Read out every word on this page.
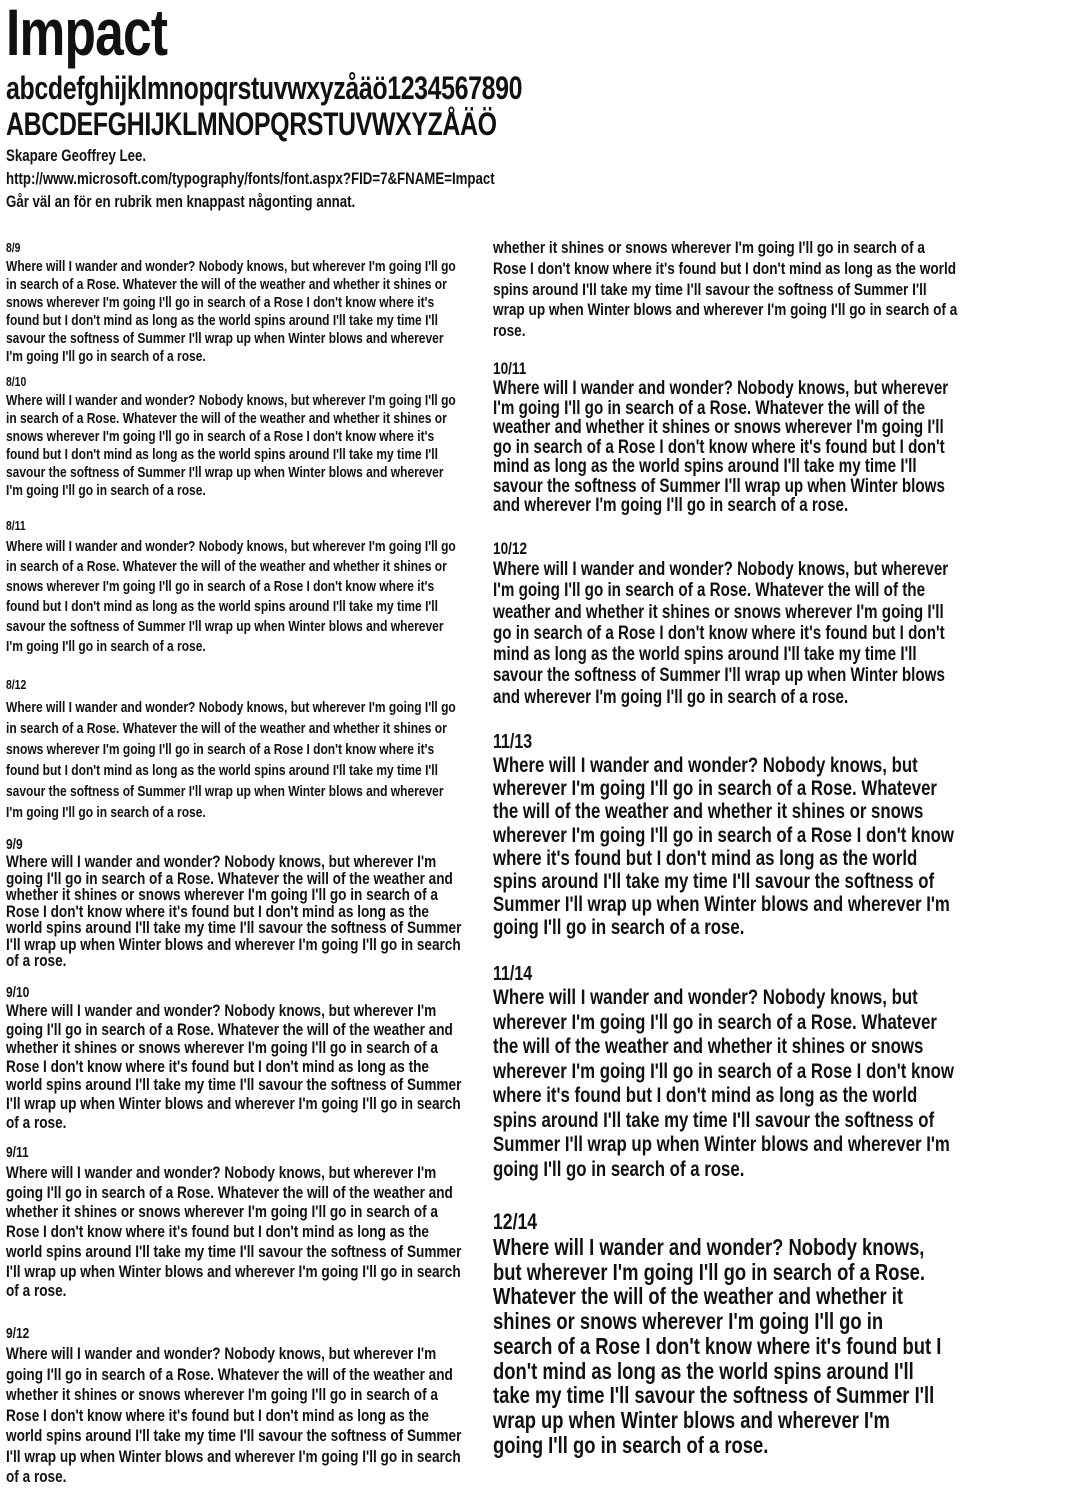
Impact
abcdefghijklmnopqrstuvwxyzåäö1234567890
ABCDEFGHIJKLMNOPQRSTUVWXYZÅÄÖ
Skapare Geoffrey Lee.
http://www.microsoft.com/typography/fonts/font.aspx?FID=7&FNAME=Impact
Går väl an för en rubrik men knappast någonting annat.
8/9
Where will I wander and wonder? Nobody knows, but wherever I'm going I'll go in search of a Rose. Whatever the will of the weather and whether it shines or snows wherever I'm going I'll go in search of a Rose I don't know where it's found but I don't mind as long as the world spins around I'll take my time I'll savour the softness of Summer I'll wrap up when Winter blows and wherever I'm going I'll go in search of a rose.
8/10
Where will I wander and wonder? Nobody knows, but wherever I'm going I'll go in search of a Rose. Whatever the will of the weather and whether it shines or snows wherever I'm going I'll go in search of a Rose I don't know where it's found but I don't mind as long as the world spins around I'll take my time I'll savour the softness of Summer I'll wrap up when Winter blows and wherever I'm going I'll go in search of a rose.
8/11
Where will I wander and wonder? Nobody knows, but wherever I'm going I'll go in search of a Rose. Whatever the will of the weather and whether it shines or snows wherever I'm going I'll go in search of a Rose I don't know where it's found but I don't mind as long as the world spins around I'll take my time I'll savour the softness of Summer I'll wrap up when Winter blows and wherever I'm going I'll go in search of a rose.
8/12
Where will I wander and wonder? Nobody knows, but wherever I'm going I'll go in search of a Rose. Whatever the will of the weather and whether it shines or snows wherever I'm going I'll go in search of a Rose I don't know where it's found but I don't mind as long as the world spins around I'll take my time I'll savour the softness of Summer I'll wrap up when Winter blows and wherever I'm going I'll go in search of a rose.
9/9
Where will I wander and wonder? Nobody knows, but wherever I'm going I'll go in search of a Rose. Whatever the will of the weather and whether it shines or snows wherever I'm going I'll go in search of a Rose I don't know where it's found but I don't mind as long as the world spins around I'll take my time I'll savour the softness of Summer I'll wrap up when Winter blows and wherever I'm going I'll go in search of a rose.
9/10
Where will I wander and wonder? Nobody knows, but wherever I'm going I'll go in search of a Rose. Whatever the will of the weather and whether it shines or snows wherever I'm going I'll go in search of a Rose I don't know where it's found but I don't mind as long as the world spins around I'll take my time I'll savour the softness of Summer I'll wrap up when Winter blows and wherever I'm going I'll go in search of a rose.
9/11
Where will I wander and wonder? Nobody knows, but wherever I'm going I'll go in search of a Rose. Whatever the will of the weather and whether it shines or snows wherever I'm going I'll go in search of a Rose I don't know where it's found but I don't mind as long as the world spins around I'll take my time I'll savour the softness of Summer I'll wrap up when Winter blows and wherever I'm going I'll go in search of a rose.
9/12
Where will I wander and wonder? Nobody knows, but wherever I'm going I'll go in search of a Rose. Whatever the will of the weather and whether it shines or snows wherever I'm going I'll go in search of a Rose I don't know where it's found but I don't mind as long as the world spins around I'll take my time I'll savour the softness of Summer I'll wrap up when Winter blows and wherever I'm going I'll go in search of a rose.
whether it shines or snows wherever I'm going I'll go in search of a Rose I don't know where it's found but I don't mind as long as the world spins around I'll take my time I'll savour the softness of Summer I'll wrap up when Winter blows and wherever I'm going I'll go in search of a rose.
10/11
Where will I wander and wonder? Nobody knows, but wherever I'm going I'll go in search of a Rose. Whatever the will of the weather and whether it shines or snows wherever I'm going I'll go in search of a Rose I don't know where it's found but I don't mind as long as the world spins around I'll take my time I'll savour the softness of Summer I'll wrap up when Winter blows and wherever I'm going I'll go in search of a rose.
10/12
Where will I wander and wonder? Nobody knows, but wherever I'm going I'll go in search of a Rose. Whatever the will of the weather and whether it shines or snows wherever I'm going I'll go in search of a Rose I don't know where it's found but I don't mind as long as the world spins around I'll take my time I'll savour the softness of Summer I'll wrap up when Winter blows and wherever I'm going I'll go in search of a rose.
11/13
Where will I wander and wonder? Nobody knows, but wherever I'm going I'll go in search of a Rose. Whatever the will of the weather and whether it shines or snows wherever I'm going I'll go in search of a Rose I don't know where it's found but I don't mind as long as the world spins around I'll take my time I'll savour the softness of Summer I'll wrap up when Winter blows and wherever I'm going I'll go in search of a rose.
11/14
Where will I wander and wonder? Nobody knows, but wherever I'm going I'll go in search of a Rose. Whatever the will of the weather and whether it shines or snows wherever I'm going I'll go in search of a Rose I don't know where it's found but I don't mind as long as the world spins around I'll take my time I'll savour the softness of Summer I'll wrap up when Winter blows and wherever I'm going I'll go in search of a rose.
12/14
Where will I wander and wonder? Nobody knows, but wherever I'm going I'll go in search of a Rose. Whatever the will of the weather and whether it shines or snows wherever I'm going I'll go in search of a Rose I don't know where it's found but I don't mind as long as the world spins around I'll take my time I'll savour the softness of Summer I'll wrap up when Winter blows and wherever I'm going I'll go in search of a rose.
